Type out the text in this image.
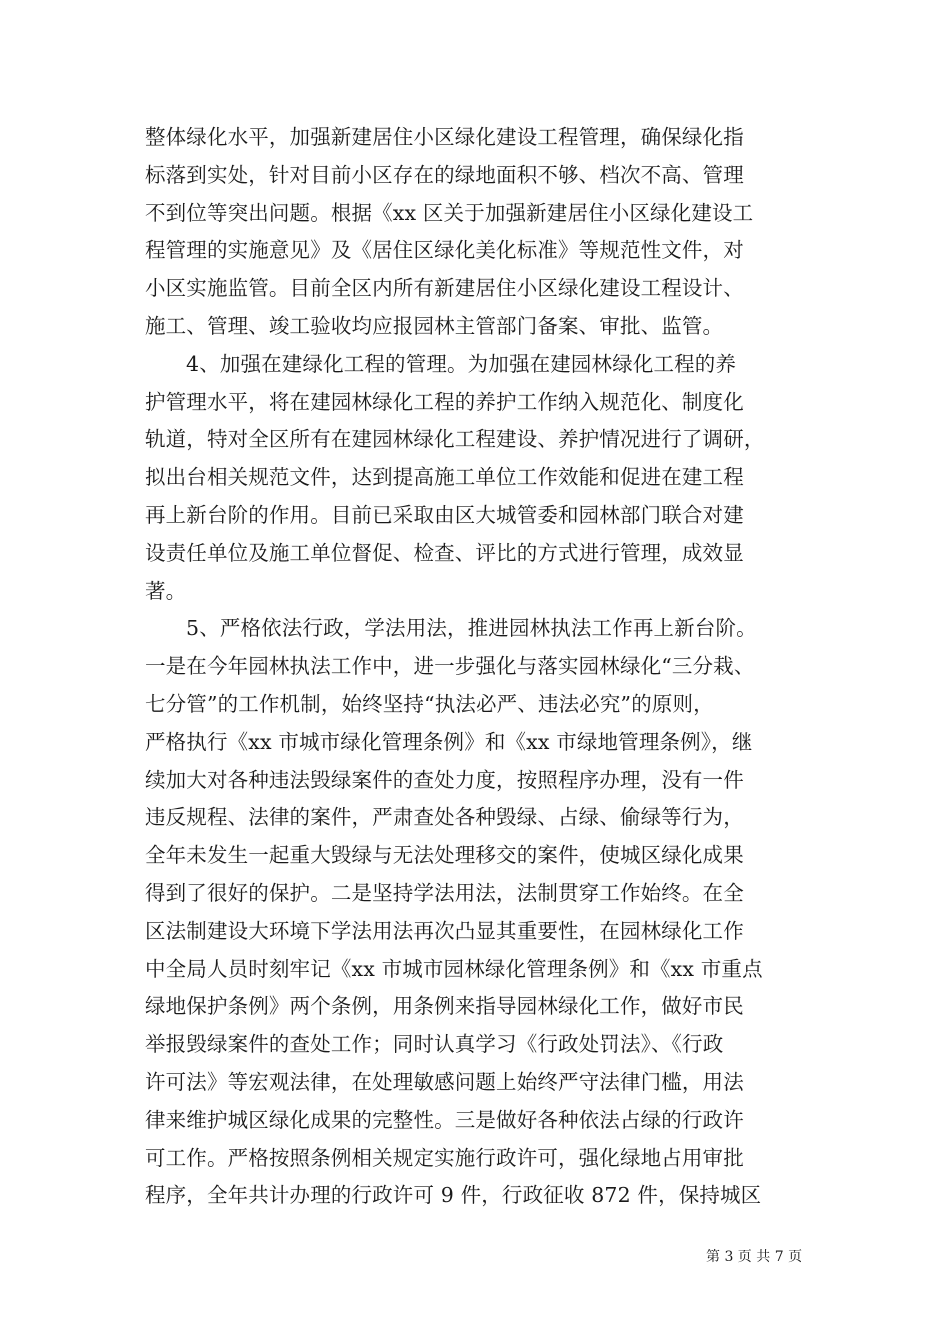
整体绿化水平，加强新建居住小区绿化建设工程管理，确保绿化指
标落到实处，针对目前小区存在的绿地面积不够、档次不高、管理
不到位等突出问题。根据《xx 区关于加强新建居住小区绿化建设工
程管理的实施意见》及《居住区绿化美化标准》等规范性文件，对
小区实施监管。目前全区内所有新建居住小区绿化建设工程设计、
施工、管理、竣工验收均应报园林主管部门备案、审批、监管。
4、加强在建绿化工程的管理。为加强在建园林绿化工程的养
护管理水平，将在建园林绿化工程的养护工作纳入规范化、制度化
轨道，特对全区所有在建园林绿化工程建设、养护情况进行了调研，
拟出台相关规范文件，达到提高施工单位工作效能和促进在建工程
再上新台阶的作用。目前已采取由区大城管委和园林部门联合对建
设责任单位及施工单位督促、检查、评比的方式进行管理，成效显
著。
5、严格依法行政，学法用法，推进园林执法工作再上新台阶。
一是在今年园林执法工作中，进一步强化与落实园林绿化“三分栽、
七分管”的工作机制，始终坚持“执法必严、违法必究”的原则，
严格执行《xx 市城市绿化管理条例》和《xx 市绿地管理条例》，继
续加大对各种违法毁绿案件的查处力度，按照程序办理，没有一件
违反规程、法律的案件，严肃查处各种毁绿、占绿、偷绿等行为，
全年未发生一起重大毁绿与无法处理移交的案件，使城区绿化成果
得到了很好的保护。二是坚持学法用法，法制贯穿工作始终。在全
区法制建设大环境下学法用法再次凸显其重要性，在园林绿化工作
中全局人员时刻牢记《xx 市城市园林绿化管理条例》和《xx 市重点
绿地保护条例》两个条例，用条例来指导园林绿化工作，做好市民
举报毁绿案件的查处工作；同时认真学习《行政处罚法》、《行政
许可法》等宏观法律，在处理敏感问题上始终严守法律门槛，用法
律来维护城区绿化成果的完整性。三是做好各种依法占绿的行政许
可工作。严格按照条例相关规定实施行政许可，强化绿地占用审批
程序，全年共计办理的行政许可 9 件，行政征收 872 件，保持城区
第 3 页 共 7 页
